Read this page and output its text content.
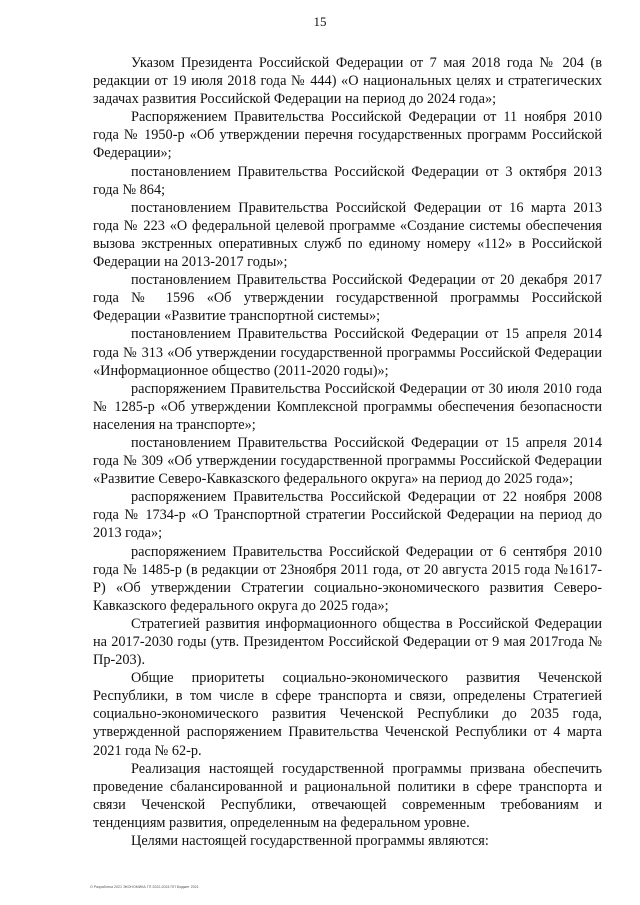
15

Указом Президента Российской Федерации от 7 мая 2018 года № 204 (в редакции от 19 июля 2018 года № 444) «О национальных целях и стратегических задачах развития Российской Федерации на период до 2024 года»;

Распоряжением Правительства Российской Федерации от 11 ноября 2010 года № 1950-р «Об утверждении перечня государственных программ Российской Федерации»;

постановлением Правительства Российской Федерации от 3 октября 2013 года № 864;

постановлением Правительства Российской Федерации от 16 марта 2013 года № 223 «О федеральной целевой программе «Создание системы обеспечения вызова экстренных оперативных служб по единому номеру «112» в Российской Федерации на 2013-2017 годы»;

постановлением Правительства Российской Федерации от 20 декабря 2017 года № 1596 «Об утверждении государственной программы Российской Федерации «Развитие транспортной системы»;

постановлением Правительства Российской Федерации от 15 апреля 2014 года № 313 «Об утверждении государственной программы Российской Федерации «Информационное общество (2011-2020 годы)»;

распоряжением Правительства Российской Федерации от 30 июля 2010 года № 1285-р «Об утверждении Комплексной программы обеспечения безопасности населения на транспорте»;

постановлением Правительства Российской Федерации от 15 апреля 2014 года № 309 «Об утверждении государственной программы Российской Федерации «Развитие Северо-Кавказского федерального округа» на период до 2025 года»;

распоряжением Правительства Российской Федерации от 22 ноября 2008 года № 1734-р «О Транспортной стратегии Российской Федерации на период до 2013 года»;

распоряжением Правительства Российской Федерации от 6 сентября 2010 года № 1485-р (в редакции от 23ноября 2011 года, от 20 августа 2015 года №1617-Р) «Об утверждении Стратегии социально-экономического развития Северо-Кавказского федерального округа до 2025 года»;

Стратегией развития информационного общества в Российской Федерации на 2017-2030 годы (утв. Президентом Российской Федерации от 9 мая 2017года № Пр-203).

Общие приоритеты социально-экономического развития Чеченской Республики, в том числе в сфере транспорта и связи, определены Стратегией социально-экономического развития Чеченской Республики до 2035 года, утвержденной распоряжением Правительства Чеченской Республики от 4 марта 2021 года № 62-р.

Реализация настоящей государственной программы призвана обеспечить проведение сбалансированной и рациональной политики в сфере транспорта и связи Чеченской Республики, отвечающей современным требованиям и тенденциям развития, определенным на федеральном уровне.

Целями настоящей государственной программы являются:

О Разработка 2021 ЭКОНОМИКА ГП 2022-2024 ПП Бюджет 2021
